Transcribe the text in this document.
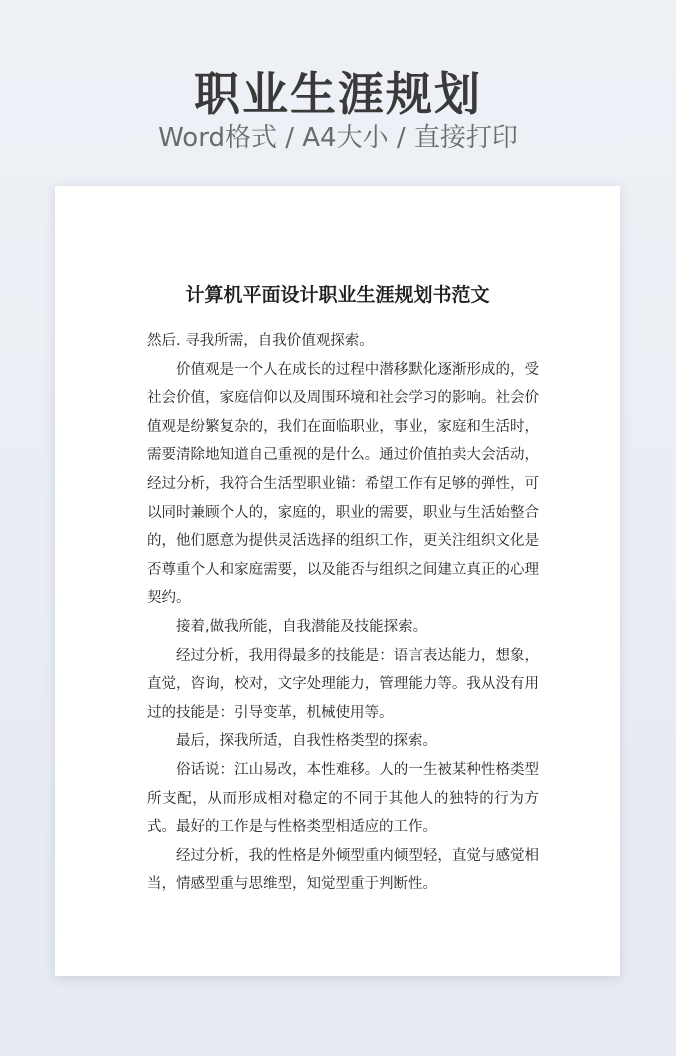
职业生涯规划
Word格式 / A4大小 / 直接打印
计算机平面设计职业生涯规划书范文

然后. 寻我所需，自我价值观探索。

价值观是一个人在成长的过程中潜移默化逐渐形成的，受社会价值，家庭信仰以及周围环境和社会学习的影响。社会价值观是纷繁复杂的，我们在面临职业，事业，家庭和生活时，需要清除地知道自己重视的是什么。通过价值拍卖大会活动，经过分析，我符合生活型职业锚：希望工作有足够的弹性，可以同时兼顾个人的，家庭的，职业的需要，职业与生活始整合的，他们愿意为提供灵活选择的组织工作，更关注组织文化是否尊重个人和家庭需要，以及能否与组织之间建立真正的心理契约。

接着,做我所能，自我潜能及技能探索。

经过分析，我用得最多的技能是：语言表达能力，想象，直觉，咨询，校对，文字处理能力，管理能力等。我从没有用过的技能是：引导变革，机械使用等。

最后，探我所适，自我性格类型的探索。

俗话说：江山易改，本性难移。人的一生被某种性格类型所支配，从而形成相对稳定的不同于其他人的独特的行为方式。最好的工作是与性格类型相适应的工作。

经过分析，我的性格是外倾型重内倾型轻，直觉与感觉相当，情感型重与思维型，知觉型重于判断性。
